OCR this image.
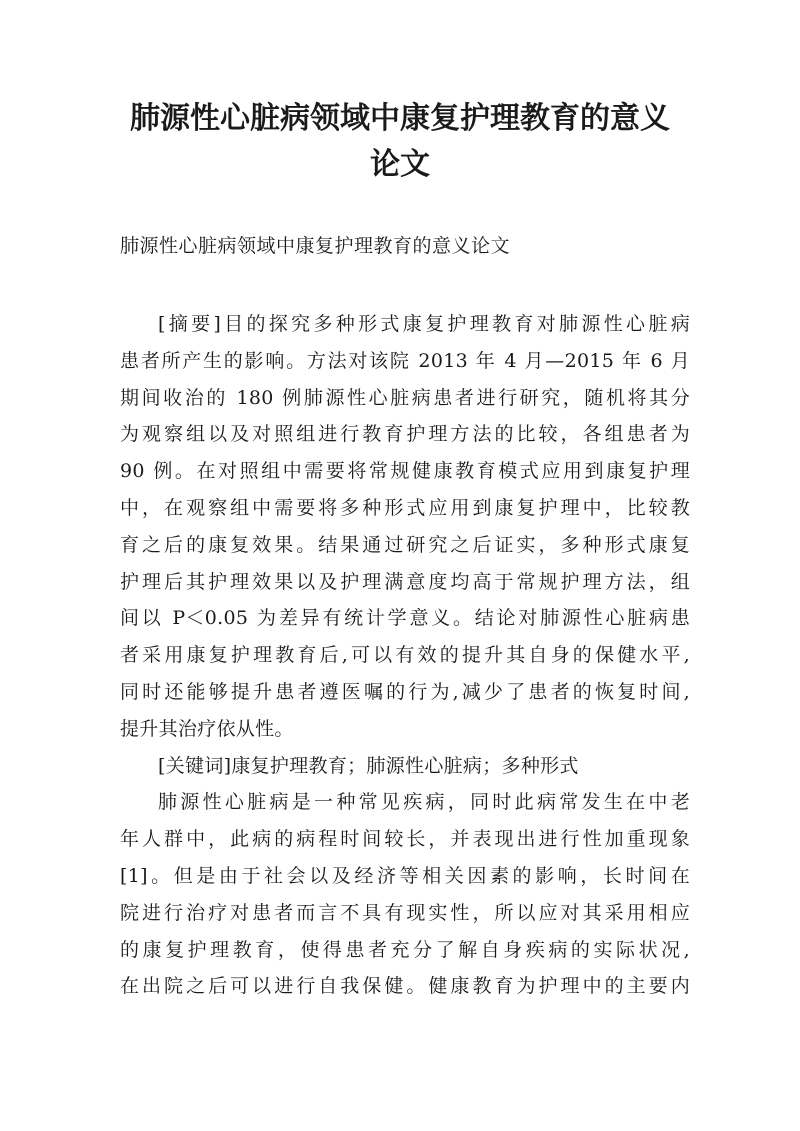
肺源性心脏病领域中康复护理教育的意义
论文

肺源性心脏病领域中康复护理教育的意义论文

[摘要]目的探究多种形式康复护理教育对肺源性心脏病
患者所产生的影响。方法对该院 2013 年 4 月—2015 年 6 月
期间收治的 180 例肺源性心脏病患者进行研究，随机将其分
为观察组以及对照组进行教育护理方法的比较，各组患者为
90 例。在对照组中需要将常规健康教育模式应用到康复护理
中，在观察组中需要将多种形式应用到康复护理中，比较教
育之后的康复效果。结果通过研究之后证实，多种形式康复
护理后其护理效果以及护理满意度均高于常规护理方法，组
间以 P＜0.05 为差异有统计学意义。结论对肺源性心脏病患
者采用康复护理教育后,可以有效的提升其自身的保健水平,
同时还能够提升患者遵医嘱的行为,减少了患者的恢复时间,
提升其治疗依从性。
[关键词]康复护理教育；肺源性心脏病；多种形式
肺源性心脏病是一种常见疾病，同时此病常发生在中老
年人群中，此病的病程时间较长，并表现出进行性加重现象
[1]。但是由于社会以及经济等相关因素的影响，长时间在
院进行治疗对患者而言不具有现实性，所以应对其采用相应
的康复护理教育，使得患者充分了解自身疾病的实际状况,
在出院之后可以进行自我保健。健康教育为护理中的主要内
